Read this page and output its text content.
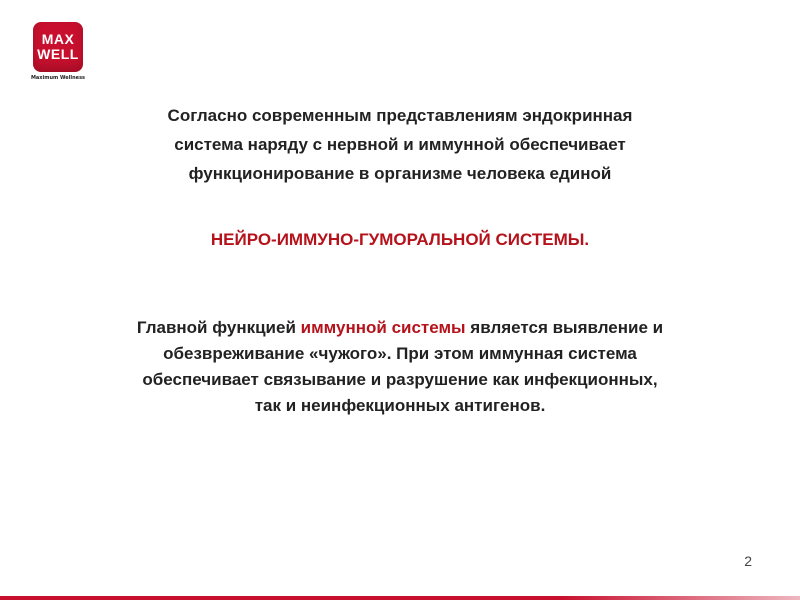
MAX
WELL
Maximum Wellness
Согласно современным представлениям эндокринная
система наряду с нервной и иммунной обеспечивает
функционирование в организме человека единой
НЕЙРО-ИММУНО-ГУМОРАЛЬНОЙ СИСТЕМЫ.
Главной функцией иммунной системы является выявление и
обезвреживание «чужого». При этом иммунная система
обеспечивает связывание и разрушение как инфекционных,
так и неинфекционных антигенов.
2
